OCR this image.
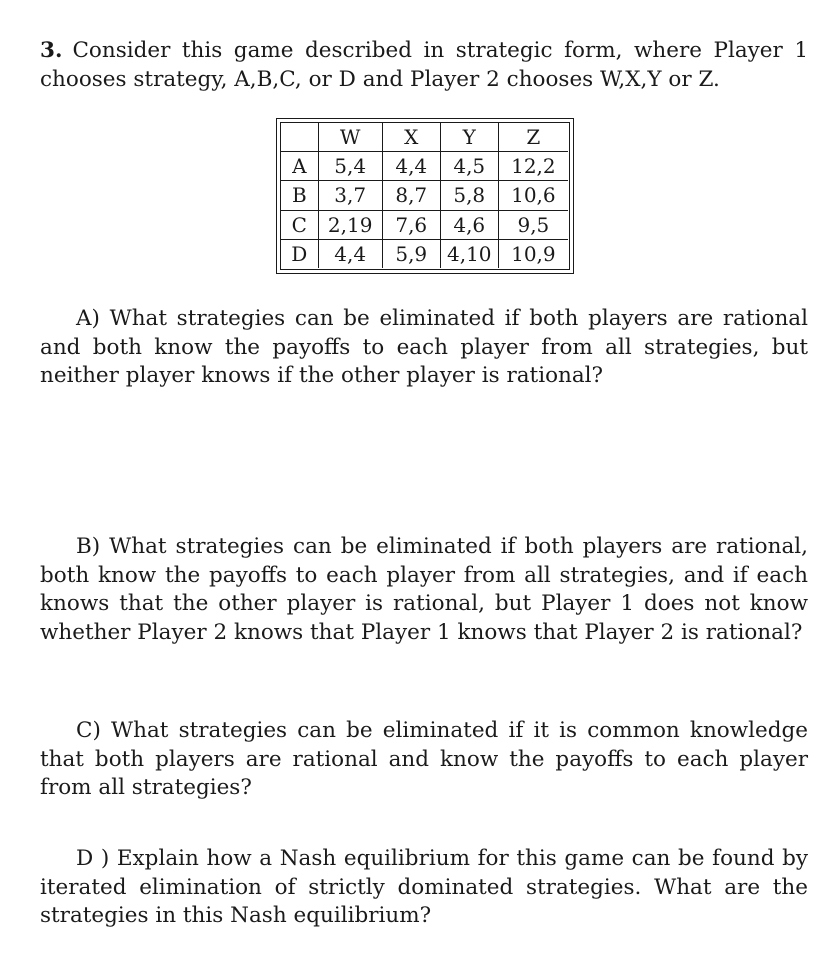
3. Consider this game described in strategic form, where Player 1 chooses strategy, A,B,C, or D and Player 2 chooses W,X,Y or Z.

	W	X	Y	Z
A	5,4	4,4	4,5	12,2
B	3,7	8,7	5,8	10,6
C	2,19	7,6	4,6	9,5
D	4,4	5,9	4,10	10,9

A) What strategies can be eliminated if both players are rational and both know the payoffs to each player from all strategies, but neither player knows if the other player is rational?

B) What strategies can be eliminated if both players are rational, both know the payoffs to each player from all strategies, and if each knows that the other player is rational, but Player 1 does not know whether Player 2 knows that Player 1 knows that Player 2 is rational?

C) What strategies can be eliminated if it is common knowledge that both players are rational and know the payoffs to each player from all strategies?

D ) Explain how a Nash equilibrium for this game can be found by iterated elimination of strictly dominated strategies. What are the strategies in this Nash equilibrium?
